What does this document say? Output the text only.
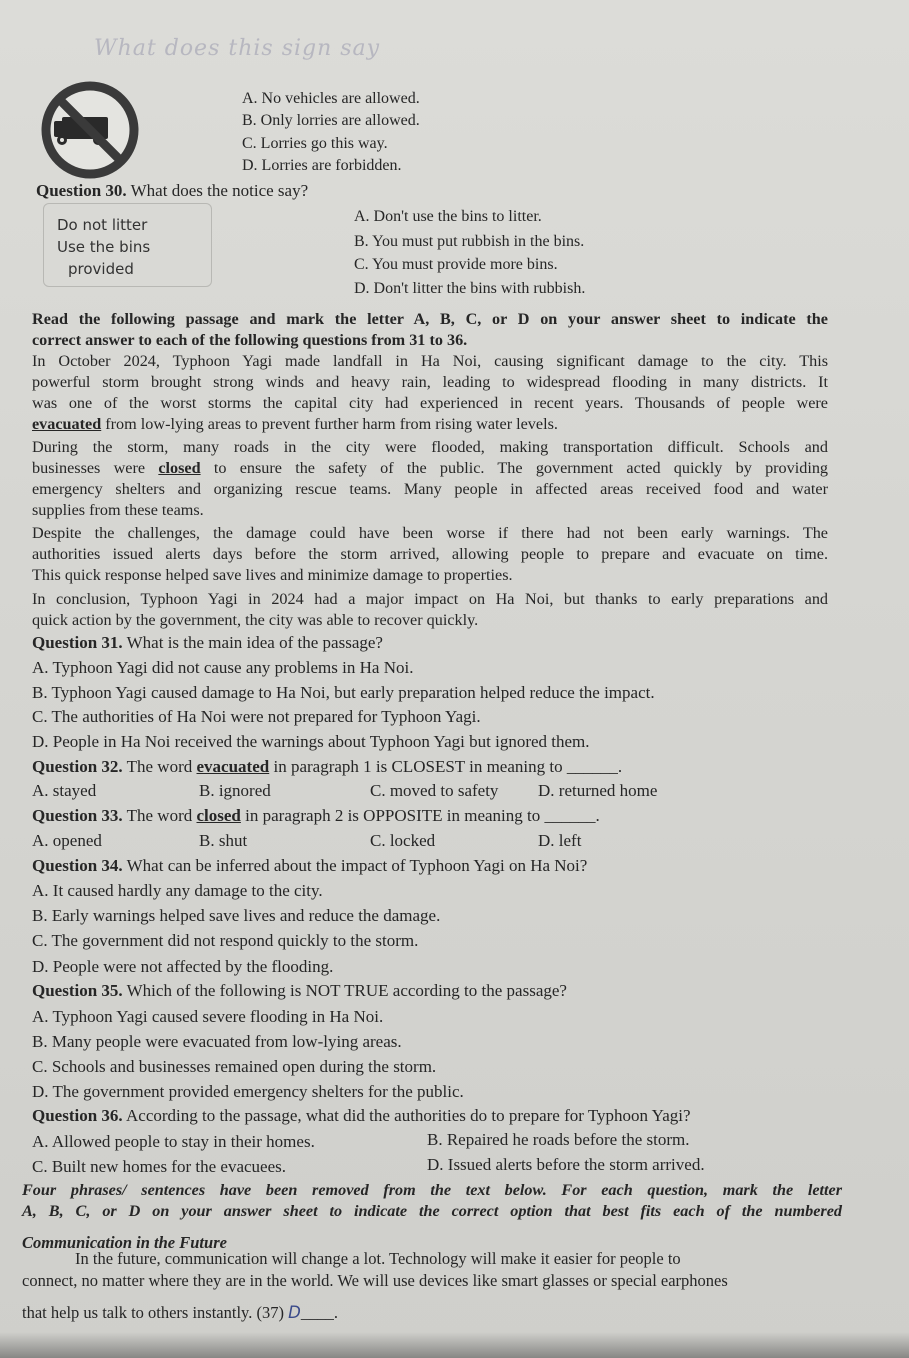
What does this sign say
A. No vehicles are allowed.
B. Only lorries are allowed.
C. Lorries go this way.
D. Lorries are forbidden.
Question 30. What does the notice say?
Do not litter
Use the bins
provided
A. Don't use the bins to litter.
B. You must put rubbish in the bins.
C. You must provide more bins.
D. Don't litter the bins with rubbish.
Read the following passage and mark the letter A, B, C, or D on your answer sheet to indicate the
correct answer to each of the following questions from 31 to 36.
In October 2024, Typhoon Yagi made landfall in Ha Noi, causing significant damage to the city. This
powerful storm brought strong winds and heavy rain, leading to widespread flooding in many districts. It
was one of the worst storms the capital city had experienced in recent years. Thousands of people were
evacuated from low-lying areas to prevent further harm from rising water levels.
During the storm, many roads in the city were flooded, making transportation difficult. Schools and
businesses were closed to ensure the safety of the public. The government acted quickly by providing
emergency shelters and organizing rescue teams. Many people in affected areas received food and water
supplies from these teams.
Despite the challenges, the damage could have been worse if there had not been early warnings. The
authorities issued alerts days before the storm arrived, allowing people to prepare and evacuate on time.
This quick response helped save lives and minimize damage to properties.
In conclusion, Typhoon Yagi in 2024 had a major impact on Ha Noi, but thanks to early preparations and
quick action by the government, the city was able to recover quickly.
Question 31. What is the main idea of the passage?
A. Typhoon Yagi did not cause any problems in Ha Noi.
B. Typhoon Yagi caused damage to Ha Noi, but early preparation helped reduce the impact.
C. The authorities of Ha Noi were not prepared for Typhoon Yagi.
D. People in Ha Noi received the warnings about Typhoon Yagi but ignored them.
Question 32. The word evacuated in paragraph 1 is CLOSEST in meaning to ______.
A. stayed	B. ignored	C. moved to safety D. returned home
Question 33. The word closed in paragraph 2 is OPPOSITE in meaning to ______.
A. opened	B. shut	C. locked	D. left
Question 34. What can be inferred about the impact of Typhoon Yagi on Ha Noi?
A. It caused hardly any damage to the city.
B. Early warnings helped save lives and reduce the damage.
C. The government did not respond quickly to the storm.
D. People were not affected by the flooding.
Question 35. Which of the following is NOT TRUE according to the passage?
A. Typhoon Yagi caused severe flooding in Ha Noi.
B. Many people were evacuated from low-lying areas.
C. Schools and businesses remained open during the storm.
D. The government provided emergency shelters for the public.
Question 36. According to the passage, what did the authorities do to prepare for Typhoon Yagi?
A. Allowed people to stay in their homes.	B. Repaired he roads before the storm.
C. Built new homes for the evacuees.	D. Issued alerts before the storm arrived.
Four phrases/ sentences have been removed from the text below. For each question, mark the letter
A, B, C, or D on your answer sheet to indicate the correct option that best fits each of the numbered
Communication in the Future
In the future, communication will change a lot. Technology will make it easier for people to
connect, no matter where they are in the world. We will use devices like smart glasses or special earphones
that help us talk to others instantly. (37) D____.
